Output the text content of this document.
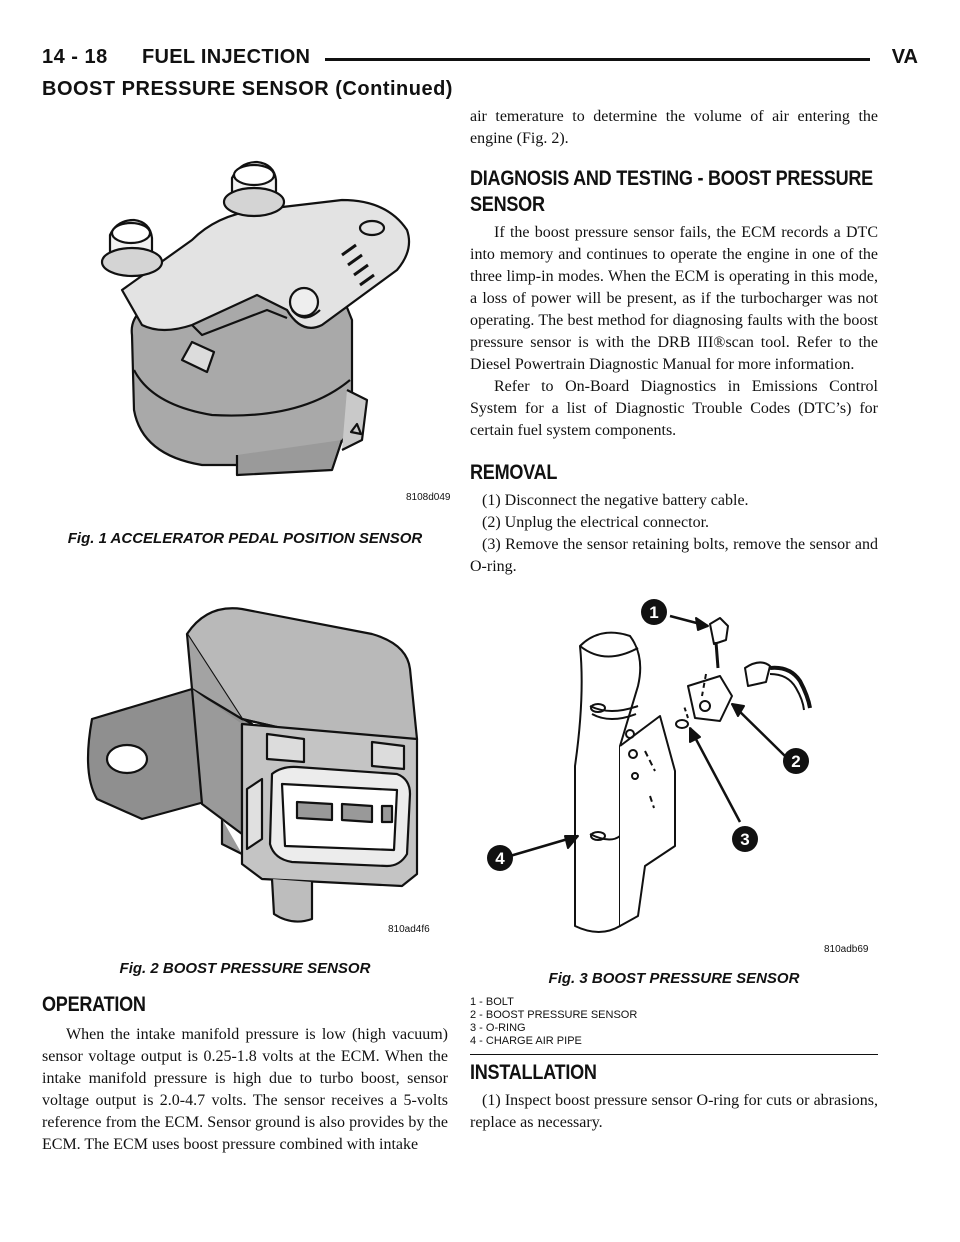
14 - 18 FUEL INJECTION	VA
BOOST PRESSURE SENSOR (Continued)
8108d049
Fig. 1 ACCELERATOR PEDAL POSITION SENSOR
810ad4f6
Fig. 2 BOOST PRESSURE SENSOR
OPERATION

When the intake manifold pressure is low (high vacuum) sensor voltage output is 0.25-1.8 volts at the ECM. When the intake manifold pressure is high due to turbo boost, sensor voltage output is 2.0-4.7 volts. The sensor receives a 5-volts reference from the ECM. Sensor ground is also provides by the ECM. The ECM uses boost pressure combined with intake

air temerature to determine the volume of air entering the engine (Fig. 2).

DIAGNOSIS AND TESTING - BOOST PRESSURE SENSOR

If the boost pressure sensor fails, the ECM records a DTC into memory and continues to operate the engine in one of the three limp-in modes. When the ECM is operating in this mode, a loss of power will be present, as if the turbocharger was not operating. The best method for diagnosing faults with the boost pressure sensor is with the DRB III®scan tool. Refer to the Diesel Powertrain Diagnostic Manual for more information.

Refer to On-Board Diagnostics in Emissions Control System for a list of Diagnostic Trouble Codes (DTC’s) for certain fuel system components.

REMOVAL

(1) Disconnect the negative battery cable.

(2) Unplug the electrical connector.

(3) Remove the sensor retaining bolts, remove the sensor and O-ring.

1
2
3
4
810adb69
Fig. 3 BOOST PRESSURE SENSOR
1 - BOLT
2 - BOOST PRESSURE SENSOR
3 - O-RING
4 - CHARGE AIR PIPE
INSTALLATION

(1) Inspect boost pressure sensor O-ring for cuts or abrasions, replace as necessary.
